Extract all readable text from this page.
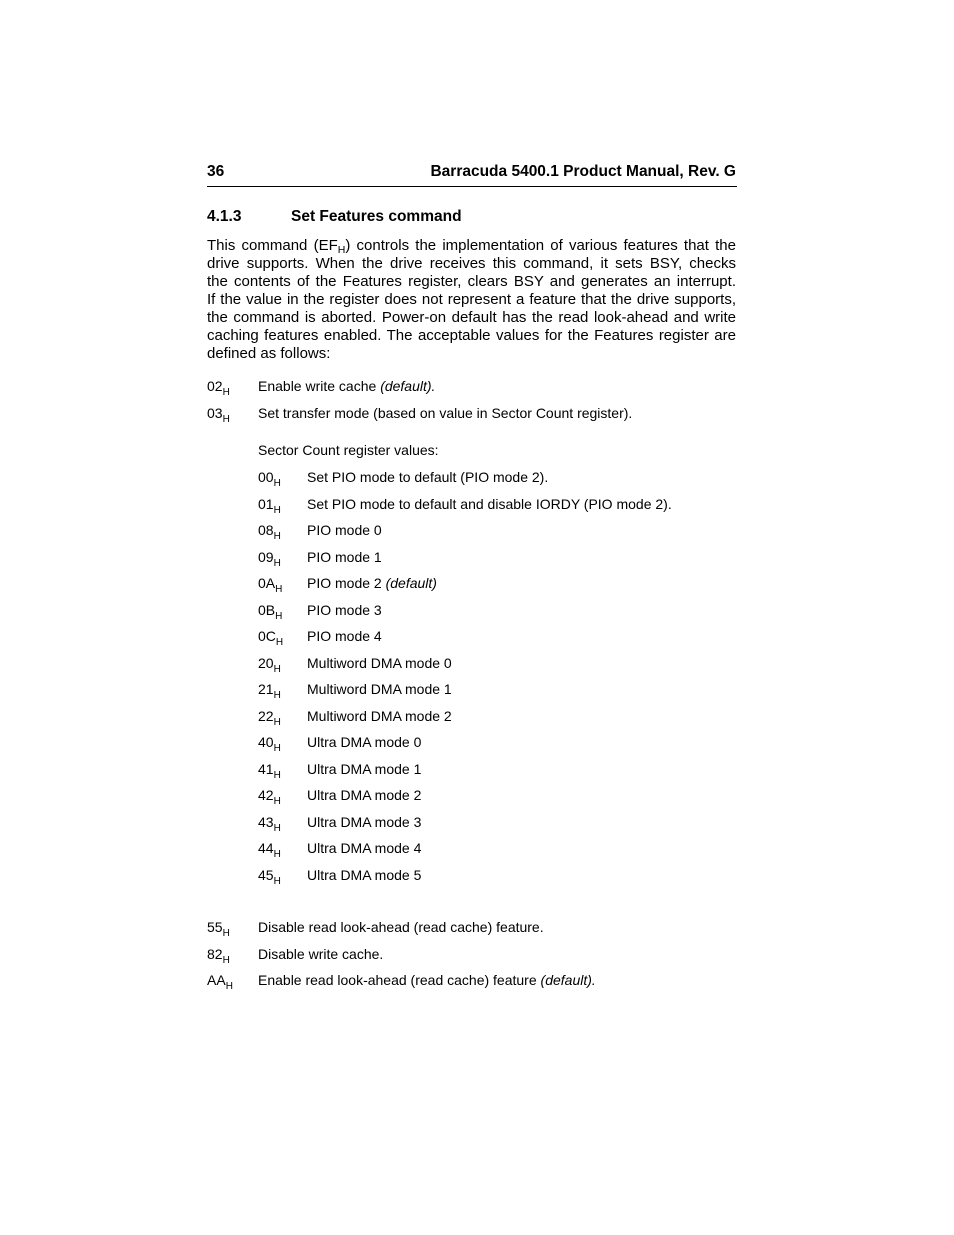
36	Barracuda 5400.1 Product Manual, Rev. G
4.1.3	Set Features command
This command $(EF_H)$ controls the implementation of various features that the
drive supports. When the drive receives this command, it sets BSY, checks
the contents of the Features register, clears BSY and generates an interrupt.
If the value in the register does not represent a feature that the drive supports,
the command is aborted. Power-on default has the read look-ahead and write
caching features enabled. The acceptable values for the Features register are
defined as follows:
$02_H$ Enable write cache (default).
$03_H$ Set transfer mode (based on value in Sector Count register).
Sector Count register values:
$00_H$ Set PIO mode to default (PIO mode 2).
$01_H$ Set PIO mode to default and disable IORDY (PIO mode 2).
$08_H$ PIO mode 0
$09_H$ PIO mode 1
$0A_H$ PIO mode 2 (default)
$0B_H$ PIO mode 3
$0C_H$ PIO mode 4
$20_H$ Multiword DMA mode 0
$21_H$ Multiword DMA mode 1
$22_H$ Multiword DMA mode 2
$40_H$ Ultra DMA mode 0
$41_H$ Ultra DMA mode 1
$42_H$ Ultra DMA mode 2
$43_H$ Ultra DMA mode 3
$44_H$ Ultra DMA mode 4
$45_H$ Ultra DMA mode 5
$55_H$ Disable read look-ahead (read cache) feature.
$82_H$ Disable write cache.
$AA_H$ Enable read look-ahead (read cache) feature (default).
